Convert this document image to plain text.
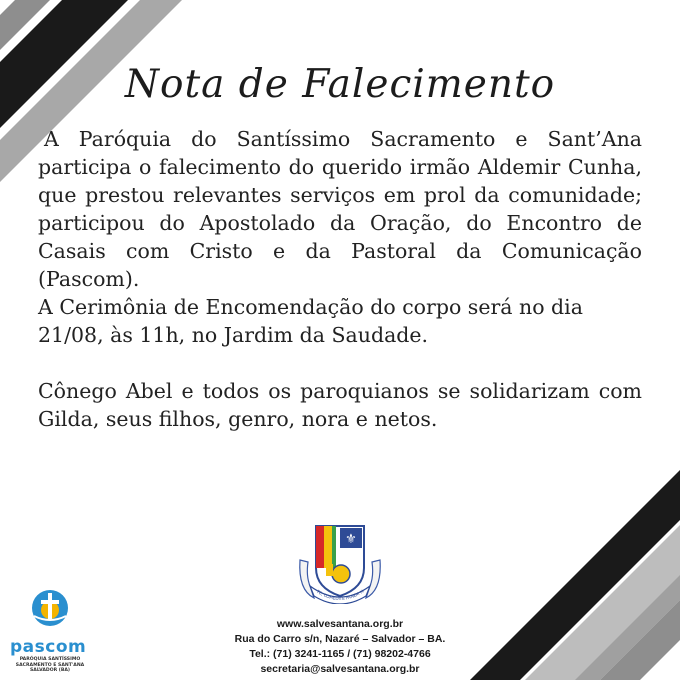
Nota de Falecimento

A Paróquia do Santíssimo Sacramento e Sant’Ana participa o falecimento do querido irmão Aldemir Cunha, que prestou relevantes serviços em prol da comunidade; participou do Apostolado da Oração, do Encontro de Casais com Cristo e da Pastoral da Comunicação (Pascom).

A Cerimônia de Encomendação do corpo será no dia 21/08, às 11h, no Jardim da Saudade.

Cônego Abel e todos os paroquianos se solidarizam com Gilda, seus filhos, genro, nora e netos.

⚜
TE, COMEDITE PANEM M
pascom
PARÓQUIA SANTÍSSIMO
SACRAMENTO E SANT'ANA
SALVADOR (BA)
www.salvesantana.org.br
Rua do Carro s/n, Nazaré – Salvador – BA.
Tel.: (71) 3241-1165 / (71) 98202-4766
secretaria@salvesantana.org.br
